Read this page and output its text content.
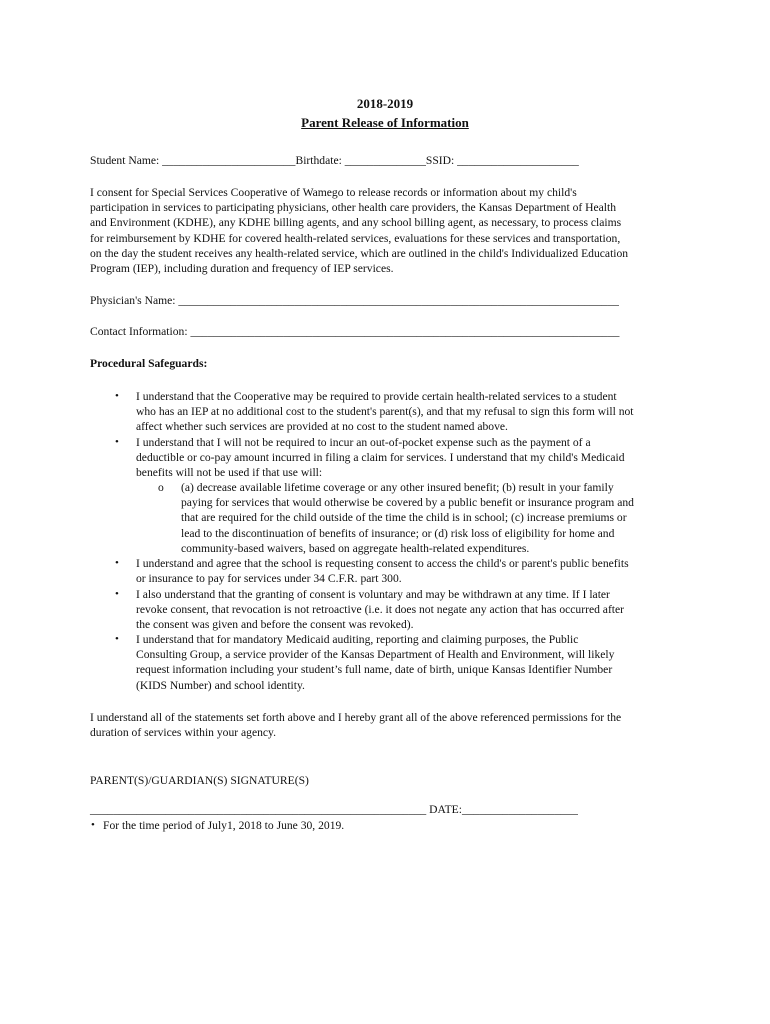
2018-2019
Parent Release of Information
Student Name: _______________________Birthdate: ______________SSID: _____________________
I consent for Special Services Cooperative of Wamego to release records or information about my child's
participation in services to participating physicians, other health care providers, the Kansas Department of Health
and Environment (KDHE), any KDHE billing agents, and any school billing agent, as necessary, to process claims
for reimbursement by KDHE for covered health-related services, evaluations for these services and transportation,
on the day the student receives any health-related service, which are outlined in the child's Individualized Education
Program (IEP), including duration and frequency of IEP services.
Physician's Name: ____________________________________________________________________________
Contact Information: __________________________________________________________________________
Procedural Safeguards:
• I understand that the Cooperative may be required to provide certain health-related services to a student
who has an IEP at no additional cost to the student's parent(s), and that my refusal to sign this form will not
affect whether such services are provided at no cost to the student named above.
• I understand that I will not be required to incur an out-of-pocket expense such as the payment of a
deductible or co-pay amount incurred in filing a claim for services. I understand that my child's Medicaid
benefits will not be used if that use will:
o (a) decrease available lifetime coverage or any other insured benefit; (b) result in your family
paying for services that would otherwise be covered by a public benefit or insurance program and
that are required for the child outside of the time the child is in school; (c) increase premiums or
lead to the discontinuation of benefits of insurance; or (d) risk loss of eligibility for home and
community-based waivers, based on aggregate health-related expenditures.
• I understand and agree that the school is requesting consent to access the child's or parent's public benefits
or insurance to pay for services under 34 C.F.R. part 300.
• I also understand that the granting of consent is voluntary and may be withdrawn at any time. If I later
revoke consent, that revocation is not retroactive (i.e. it does not negate any action that has occurred after
the consent was given and before the consent was revoked).
• I understand that for mandatory Medicaid auditing, reporting and claiming purposes, the Public
Consulting Group, a service provider of the Kansas Department of Health and Environment, will likely
request information including your student’s full name, date of birth, unique Kansas Identifier Number
(KIDS Number) and school identity.
I understand all of the statements set forth above and I hereby grant all of the above referenced permissions for the
duration of services within your agency.
PARENT(S)/GUARDIAN(S) SIGNATURE(S)
__________________________________________________________ DATE:____________________
• For the time period of July1, 2018 to June 30, 2019.
